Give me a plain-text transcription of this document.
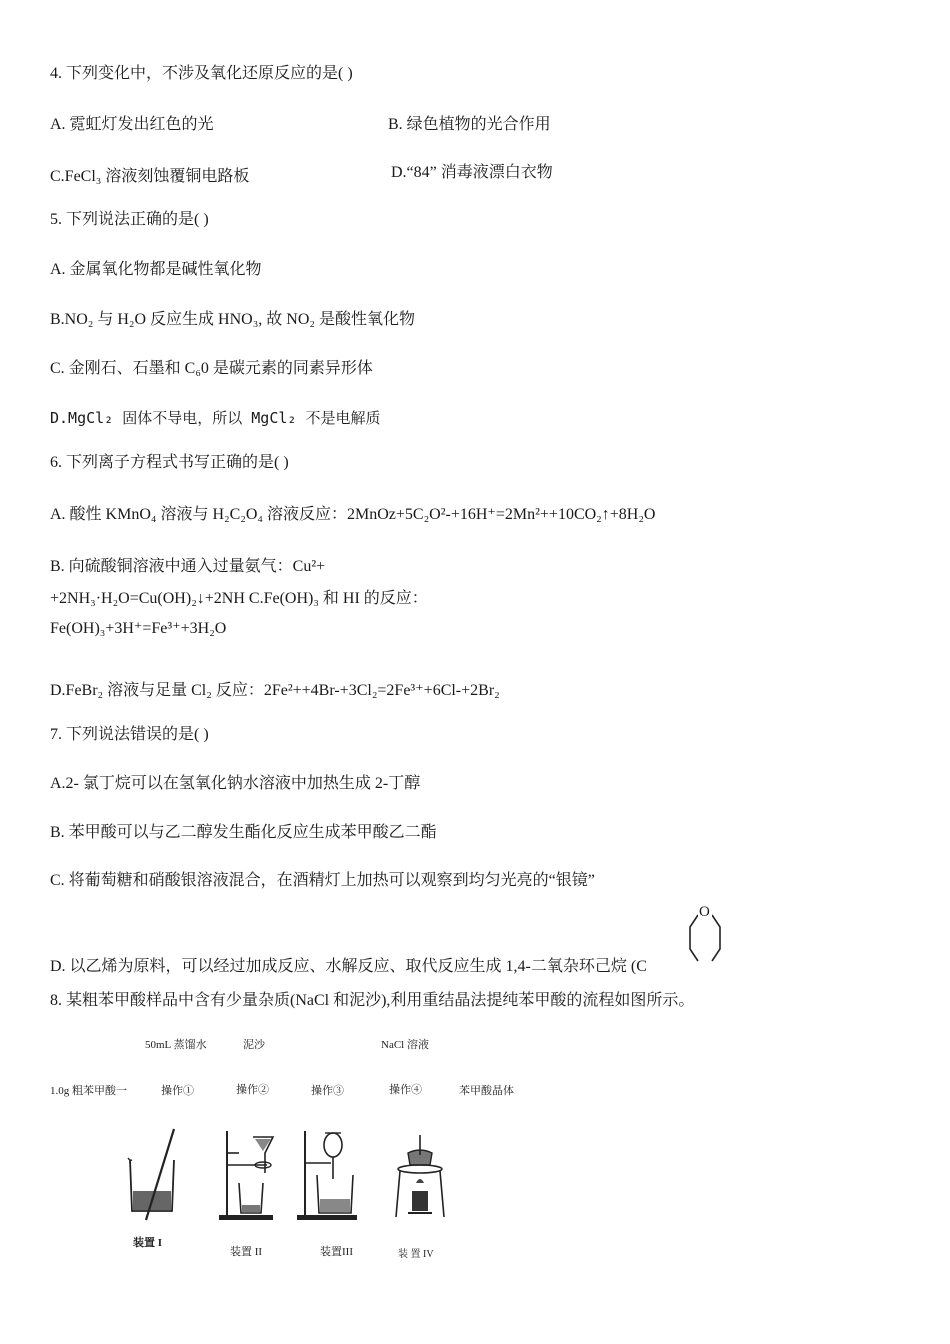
4. 下列变化中，不涉及氧化还原反应的是( )
A. 霓虹灯发出红色的光	B. 绿色植物的光合作用
C.FeCl₃ 溶液刻蚀覆铜电路板	D.“84” 消毒液漂白衣物
5. 下列说法正确的是( )
A. 金属氧化物都是碱性氧化物
B.NO₂ 与 H₂O 反应生成 HNO₃, 故 NO₂ 是酸性氧化物
C. 金刚石、石墨和 C₆0 是碳元素的同素异形体
D.MgCl₂ 固体不导电，所以 MgCl₂ 不是电解质
6. 下列离子方程式书写正确的是( )
A. 酸性 KMnO₄ 溶液与 H₂C₂O₄ 溶液反应：2MnOz+5C₂O²-+16H⁺=2Mn²++10CO₂↑+8H₂O
B. 向硫酸铜溶液中通入过量氨气：Cu²+
+2NH₃·H₂O=Cu(OH)₂↓+2NH C.Fe(OH)₃ 和 HI 的反应：
Fe(OH)₃+3H⁺=Fe³⁺+3H₂O
D.FeBr₂ 溶液与足量 Cl₂ 反应：2Fe²++4Br-+3Cl₂=2Fe³⁺+6Cl-+2Br₂
7. 下列说法错误的是( )
A.2- 氯丁烷可以在氢氧化钠水溶液中加热生成 2-丁醇
B. 苯甲酸可以与乙二醇发生酯化反应生成苯甲酸乙二酯
C. 将葡萄糖和硝酸银溶液混合，在酒精灯上加热可以观察到均匀光亮的“银镜”
D. 以乙烯为原料，可以经过加成反应、水解反应、取代反应生成 1,4-二氧杂环己烷 (C
O
8. 某粗苯甲酸样品中含有少量杂质(NaCl 和泥沙),利用重结晶法提纯苯甲酸的流程如图所示。
50mL 蒸馏水	泥沙	NaCl 溶液
1.0g 粗苯甲酸一	操作①	操作②	操作③	操作④	苯甲酸晶体
装置 I
装置 II	装置III	装 置 IV
